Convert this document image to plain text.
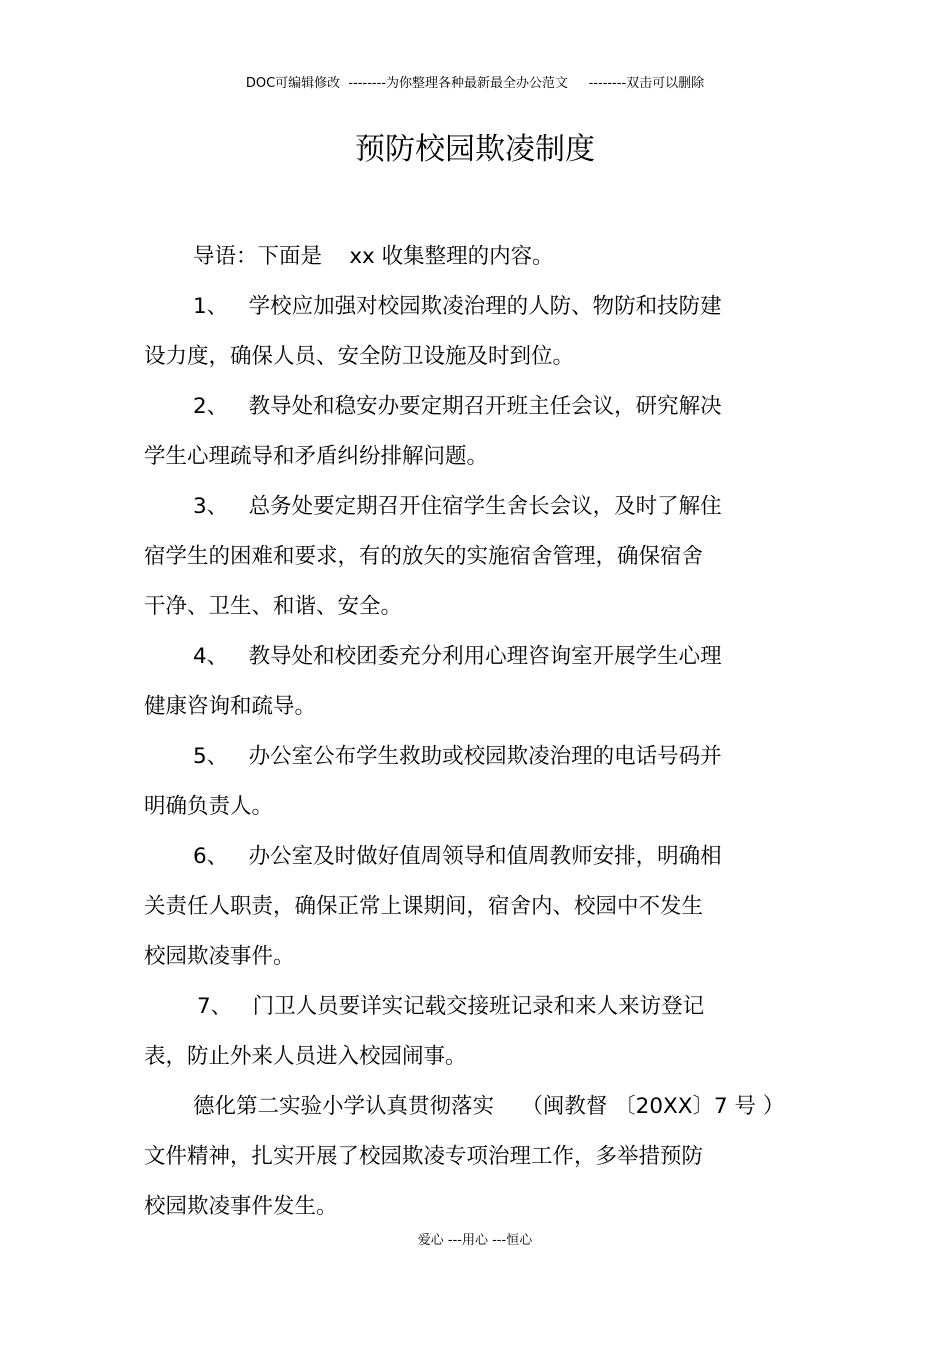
DOC可编辑修改  --------为你整理各种最新最全办公范文     --------双击可以删除
预防校园欺凌制度
导语：下面是    xx 收集整理的内容。
1、   学校应加强对校园欺凌治理的人防、物防和技防建
设力度，确保人员、安全防卫设施及时到位。
2、   教导处和稳安办要定期召开班主任会议，研究解决
学生心理疏导和矛盾纠纷排解问题。
3、   总务处要定期召开住宿学生舍长会议，及时了解住
宿学生的困难和要求，有的放矢的实施宿舍管理，确保宿舍
干净、卫生、和谐、安全。
4、   教导处和校团委充分利用心理咨询室开展学生心理
健康咨询和疏导。
5、   办公室公布学生救助或校园欺凌治理的电话号码并
明确负责人。
6、   办公室及时做好值周领导和值周教师安排，明确相
关责任人职责，确保正常上课期间，宿舍内、校园中不发生
校园欺凌事件。
7、   门卫人员要详实记载交接班记录和来人来访登记
表，防止外来人员进入校园闹事。
德化第二实验小学认真贯彻落实    （闽教督 〔20XX〕7 号 ）
文件精神，扎实开展了校园欺凌专项治理工作，多举措预防
校园欺凌事件发生。
爱心 ---用心 ---恒心
